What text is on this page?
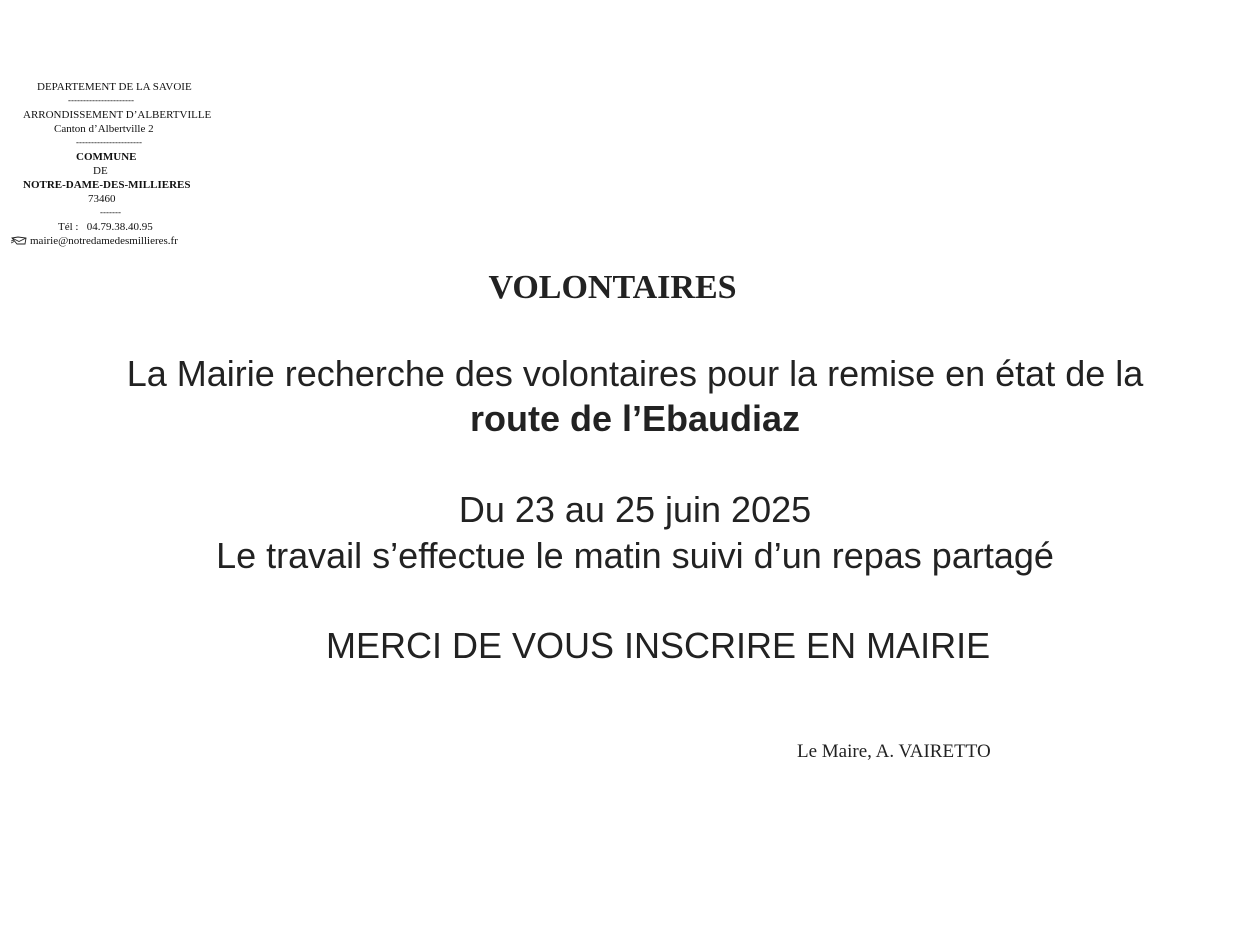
DEPARTEMENT DE LA SAVOIE
----------------------
ARRONDISSEMENT D’ALBERTVILLE
Canton d’Albertville 2
----------------------
COMMUNE
DE
NOTRE-DAME-DES-MILLIERES
73460
-------
Tél :   04.79.38.40.95
mairie@notredamedesmillieres.fr
VOLONTAIRES
La Mairie recherche des volontaires pour la remise en état de la
route de l’Ebaudiaz
Du 23 au 25 juin 2025
Le travail s’effectue le matin suivi d’un repas partagé
MERCI DE VOUS INSCRIRE EN MAIRIE
Le Maire, A. VAIRETTO
